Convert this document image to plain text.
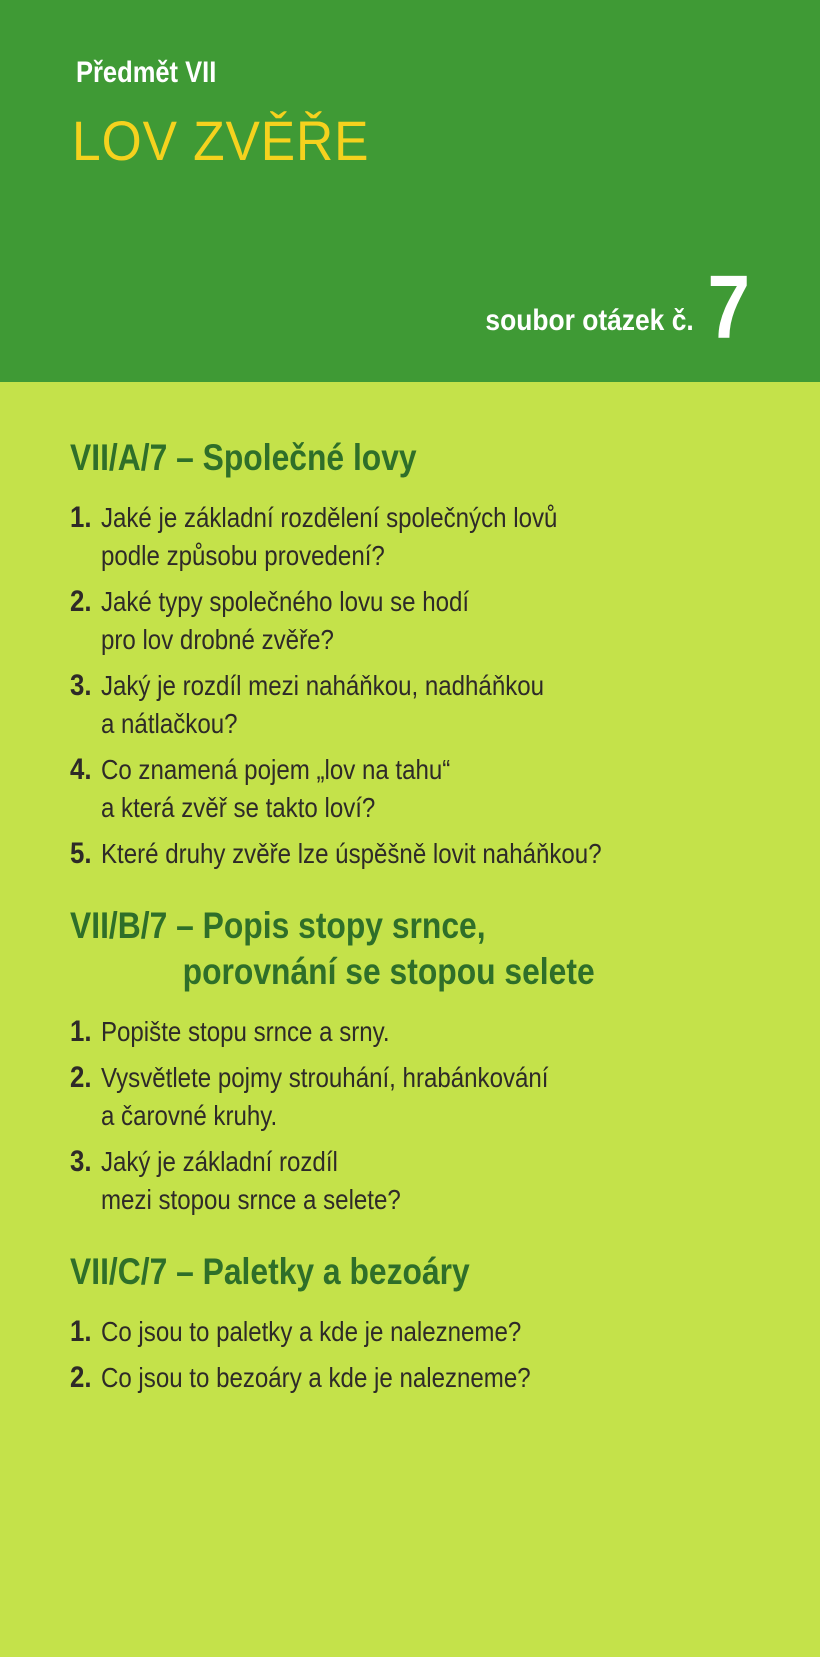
Předmět VII
LOV ZVĚŘE
soubor otázek č. 7
VII/A/7 – Společné lovy
1. Jaké je základní rozdělení společných lovů
podle způsobu provedení?
2. Jaké typy společného lovu se hodí
pro lov drobné zvěře?
3. Jaký je rozdíl mezi naháňkou, nadháňkou
a nátlačkou?
4. Co znamená pojem „lov na tahu“
a která zvěř se takto loví?
5. Které druhy zvěře lze úspěšně lovit naháňkou?
VII/B/7 – Popis stopy srnce,
porovnání se stopou selete
1. Popište stopu srnce a srny.
2. Vysvětlete pojmy strouhání, hrabánkování
a čarovné kruhy.
3. Jaký je základní rozdíl
mezi stopou srnce a selete?
VII/C/7 – Paletky a bezoáry
1. Co jsou to paletky a kde je nalezneme?
2. Co jsou to bezoáry a kde je nalezneme?
